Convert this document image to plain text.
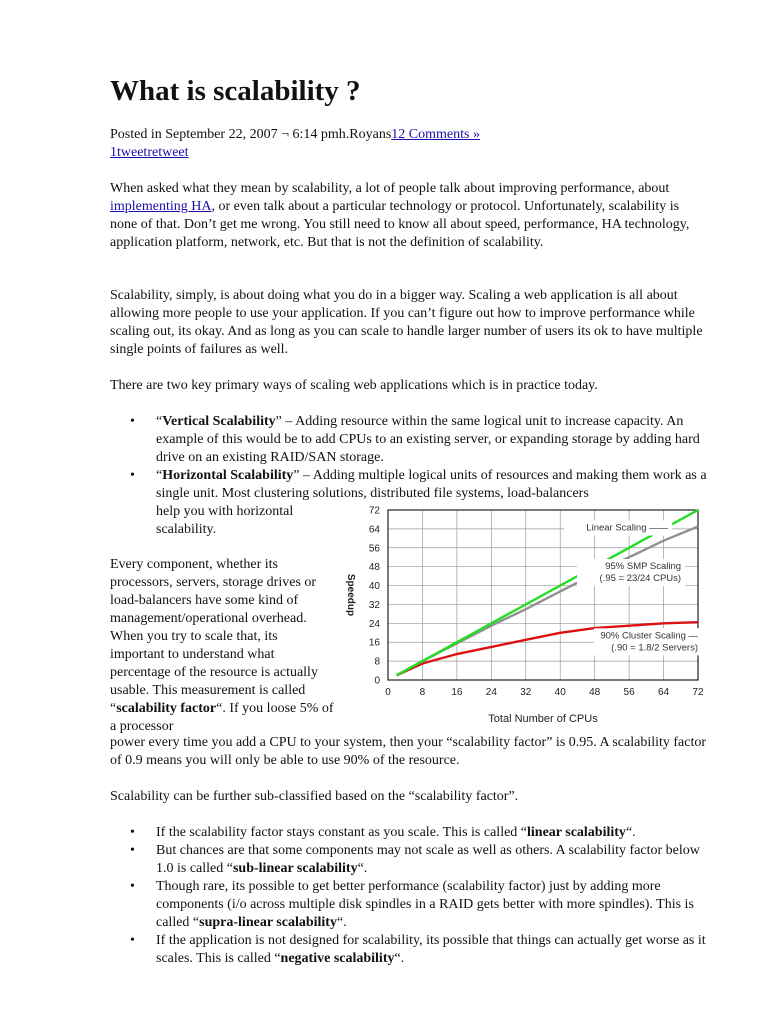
What is scalability ?
Posted in September 22, 2007 ¬ 6:14 pmh.Royans12 Comments »
1tweetretweet

When asked what they mean by scalability, a lot of people talk about improving performance, about implementing HA, or even talk about a particular technology or protocol. Unfortunately, scalability is none of that. Don’t get me wrong. You still need to know all about speed, performance, HA technology, application platform, network, etc. But that is not the definition of scalability.

Scalability, simply, is about doing what you do in a bigger way. Scaling a web application is all about allowing more people to use your application. If you can’t figure out how to improve performance while scaling out, its okay. And as long as you can scale to handle larger number of users its ok to have multiple single points of failures as well.

There are two key primary ways of scaling web applications which is in practice today.

• “Vertical Scalability” – Adding resource within the same logical unit to increase capacity. An example of this would be to add CPUs to an existing server, or expanding storage by adding hard drive on an existing RAID/SAN storage.
• “Horizontal Scalability” – Adding multiple logical units of resources and making them work as a single unit. Most clustering solutions, distributed file systems, load-balancers
help you with horizontal scalability.

Every component, whether its processors, servers, storage drives or load-balancers have some kind of management/operational overhead. When you try to scale that, its important to understand what percentage of the resource is actually usable. This measurement is called “scalability factor“. If you loose 5% of a processor

power every time you add a CPU to your system, then your “scalability factor” is 0.95. A scalability factor of 0.9 means you will only be able to use 90% of the resource.

Scalability can be further sub-classified based on the “scalability factor”.

• If the scalability factor stays constant as you scale. This is called “linear scalability“.
• But chances are that some components may not scale as well as others. A scalability factor below 1.0 is called “sub-linear scalability“.
• Though rare, its possible to get better performance (scalability factor) just by adding more components (i/o across multiple disk spindles in a RAID gets better with more spindles). This is called “supra-linear scalability“.
• If the application is not designed for scalability, its possible that things can actually get worse as it scales. This is called “negative scalability“.
0	8	16 24 32 40 48 56 64 72
0
8
16
24
32
40
48
56
64
72
Total Number of CPUs
Speedup
Linear Scaling ——
95% SMP Scaling
(.95 = 23/24 CPUs)
90% Cluster Scaling —
(.90 = 1.8/2 Servers)
